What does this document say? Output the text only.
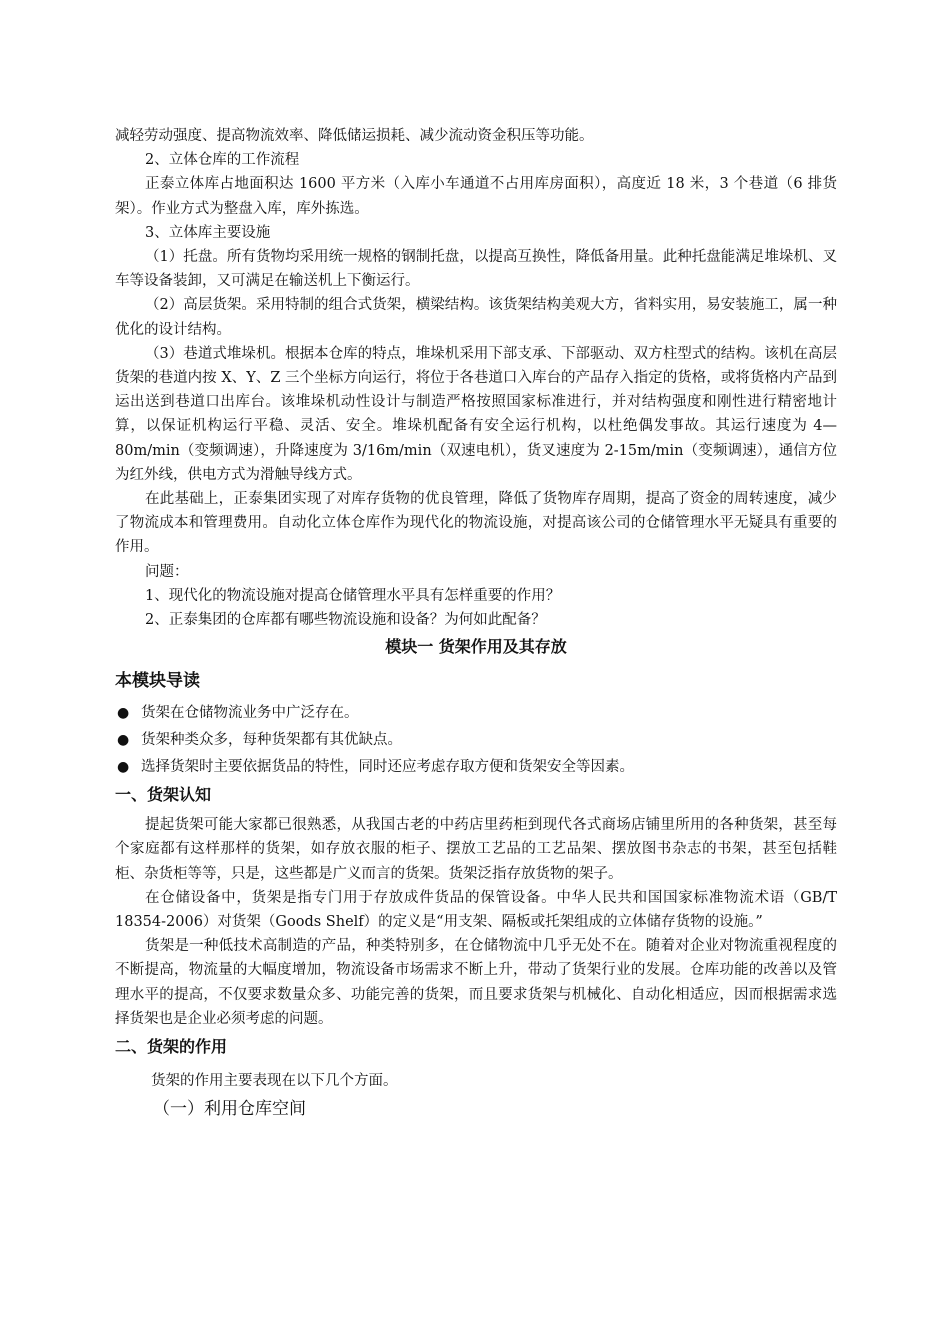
减轻劳动强度、提高物流效率、降低储运损耗、减少流动资金积压等功能。

2、立体仓库的工作流程

正泰立体库占地面积达 1600 平方米（入库小车通道不占用库房面积），高度近 18 米，3 个巷道（6 排货架）。作业方式为整盘入库，库外拣选。

3、立体库主要设施

（1）托盘。所有货物均采用统一规格的钢制托盘，以提高互换性，降低备用量。此种托盘能满足堆垛机、叉车等设备装卸，又可满足在输送机上下衡运行。

（2）高层货架。采用特制的组合式货架，横梁结构。该货架结构美观大方，省料实用，易安装施工，属一种优化的设计结构。

（3）巷道式堆垛机。根据本仓库的特点，堆垛机采用下部支承、下部驱动、双方柱型式的结构。该机在高层货架的巷道内按 X、Y、Z 三个坐标方向运行，将位于各巷道口入库台的产品存入指定的货格，或将货格内产品到运出送到巷道口出库台。该堆垛机动性设计与制造严格按照国家标准进行，并对结构强度和刚性进行精密地计算，以保证机构运行平稳、灵活、安全。堆垛机配备有安全运行机构，以杜绝偶发事故。其运行速度为 4—80m/min（变频调速），升降速度为 3/16m/min（双速电机），货叉速度为 2-15m/min（变频调速），通信方位为红外线，供电方式为滑触导线方式。

在此基础上，正泰集团实现了对库存货物的优良管理，降低了货物库存周期，提高了资金的周转速度，减少了物流成本和管理费用。自动化立体仓库作为现代化的物流设施，对提高该公司的仓储管理水平无疑具有重要的作用。

问题：

1、现代化的物流设施对提高仓储管理水平具有怎样重要的作用？

2、正泰集团的仓库都有哪些物流设施和设备？为何如此配备？

模块一 货架作用及其存放

本模块导读

● 货架在仓储物流业务中广泛存在。
● 货架种类众多，每种货架都有其优缺点。
● 选择货架时主要依据货品的特性，同时还应考虑存取方便和货架安全等因素。

一、货架认知

提起货架可能大家都已很熟悉，从我国古老的中药店里药柜到现代各式商场店铺里所用的各种货架，甚至每个家庭都有这样那样的货架，如存放衣服的柜子、摆放工艺品的工艺品架、摆放图书杂志的书架，甚至包括鞋柜、杂货柜等等，只是，这些都是广义而言的货架。货架泛指存放货物的架子。

在仓储设备中，货架是指专门用于存放成件货品的保管设备。中华人民共和国国家标准物流术语（GB/T 18354-2006）对货架（Goods Shelf）的定义是“用支架、隔板或托架组成的立体储存货物的设施。”

货架是一种低技术高制造的产品，种类特别多，在仓储物流中几乎无处不在。随着对企业对物流重视程度的不断提高，物流量的大幅度增加，物流设备市场需求不断上升，带动了货架行业的发展。仓库功能的改善以及管理水平的提高，不仅要求数量众多、功能完善的货架，而且要求货架与机械化、自动化相适应，因而根据需求选择货架也是企业必须考虑的问题。

二、货架的作用

货架的作用主要表现在以下几个方面。

（一）利用仓库空间
